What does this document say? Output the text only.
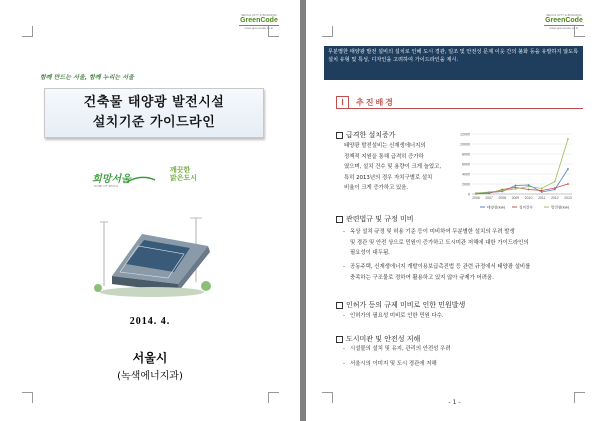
SEOUL CITY & BUILDING
GreenCode
www.greencode.co.kr
함께 만드는 서울, 함께 누리는 서울
건축물 태양광 발전시설
설치기준 가이드라인
희망서울
HOPE OF SEOUL
깨끗한
맑은도시
2014. 4.
서울시
(녹색에너지과)
SEOUL CITY & BUILDING
GreenCode
www.greencode.co.kr
무분별한 태양광 발전 설비의 설치로 인해 도시 경관, 일조 및 안전성 문제 이웃 간의 불화 등을 유발하지 않도록 설치 유형 및 특성, 디자인을 고려하여 가이드라인을 제시.
Ⅰ	추진배경
급격한 설치증가
태양광 발전설비는 신재생에너지의
정책적 지원을 통해 급격히 증가하
였으며, 설치 건수 및 용량이 크게 늘었고,
특히 2013년의 경우 자치구별로 설치
비율이 크게 증가하고 있음.
12000
10000
8000
6000
4000
2000
0
2006 2007 2008 2009 2010 2011 2012 2013
태양광(kw)	설치건수	발전량(kw)
관련법규 및 규정 미비
- 옥상 설치 규정 및 허용 기준 등이 미비하여 무분별한 설치의 우려 발생
및 경관 및 안전 상으로 민원이 증가하고 도시미관 저해에 대한 가이드라인의
필요성이 대두됨.
- 공동주택, 신재생에너지 개발이용보급촉진법 등 관련 규정에서 태양광 설비를
충족하는 구조물로 정하여 활용하고 있지 않아 규제가 어려움.
인허가 등의 규제 미비로 인한 민원발생
- 인허가의 필요성 미비로 인한 민원 다수.
도시미관 및 안전성 저해
- 시설물의 설치 및 유지, 관리의 안전성 우려
- 서울시의 이미지 및 도시 경관에 저해
- 1 -
